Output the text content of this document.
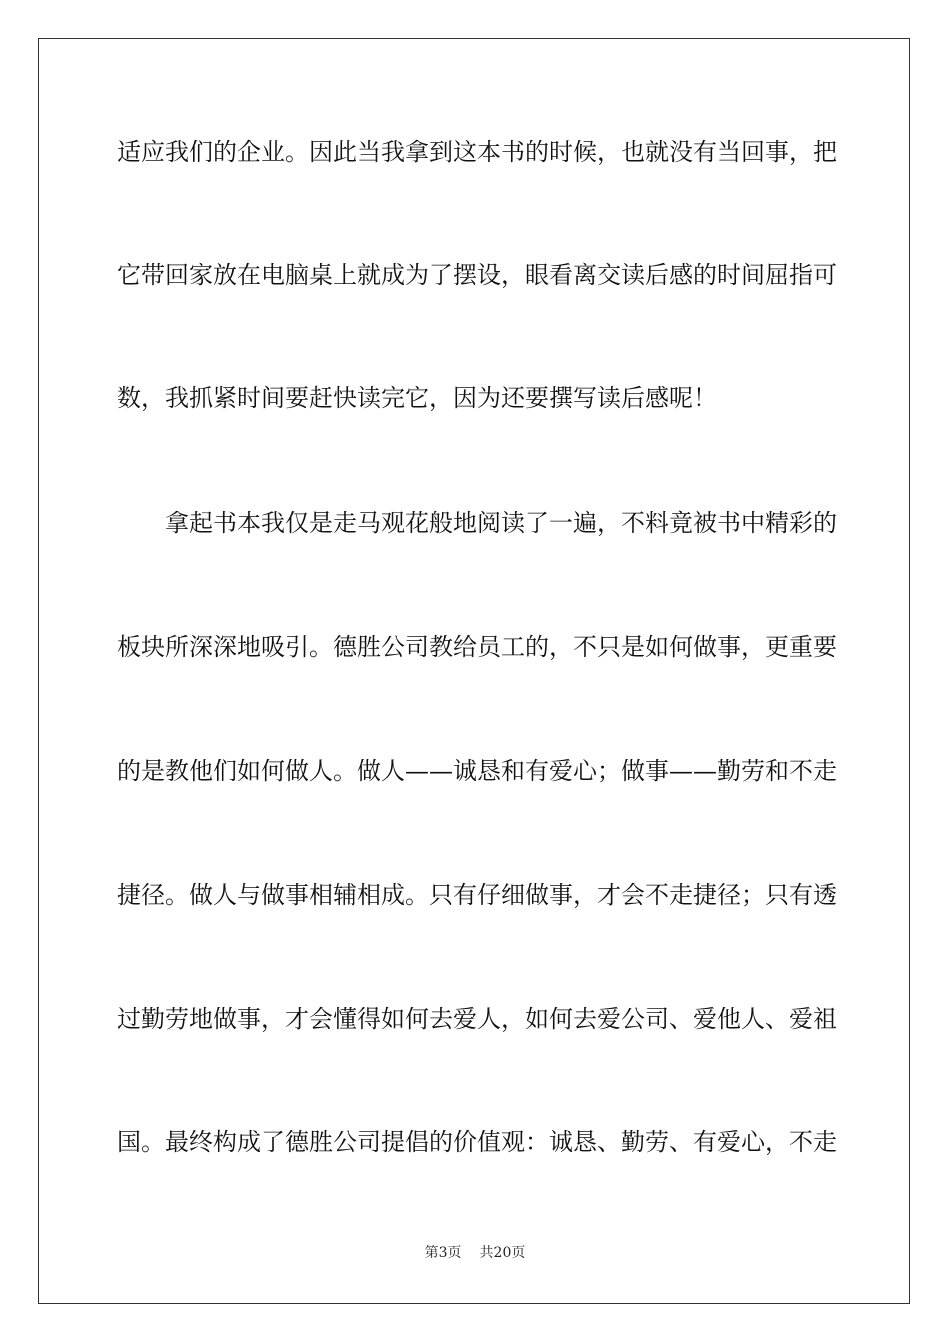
适应我们的企业。因此当我拿到这本书的时候，也就没有当回事，把
它带回家放在电脑桌上就成为了摆设，眼看离交读后感的时间屈指可
数，我抓紧时间要赶快读完它，因为还要撰写读后感呢！
拿起书本我仅是走马观花般地阅读了一遍，不料竟被书中精彩的
板块所深深地吸引。德胜公司教给员工的，不只是如何做事，更重要
的是教他们如何做人。做人——诚恳和有爱心；做事——勤劳和不走
捷径。做人与做事相辅相成。只有仔细做事，才会不走捷径；只有透
过勤劳地做事，才会懂得如何去爱人，如何去爱公司、爱他人、爱祖
国。最终构成了德胜公司提倡的价值观：诚恳、勤劳、有爱心，不走
第3页 共20页
